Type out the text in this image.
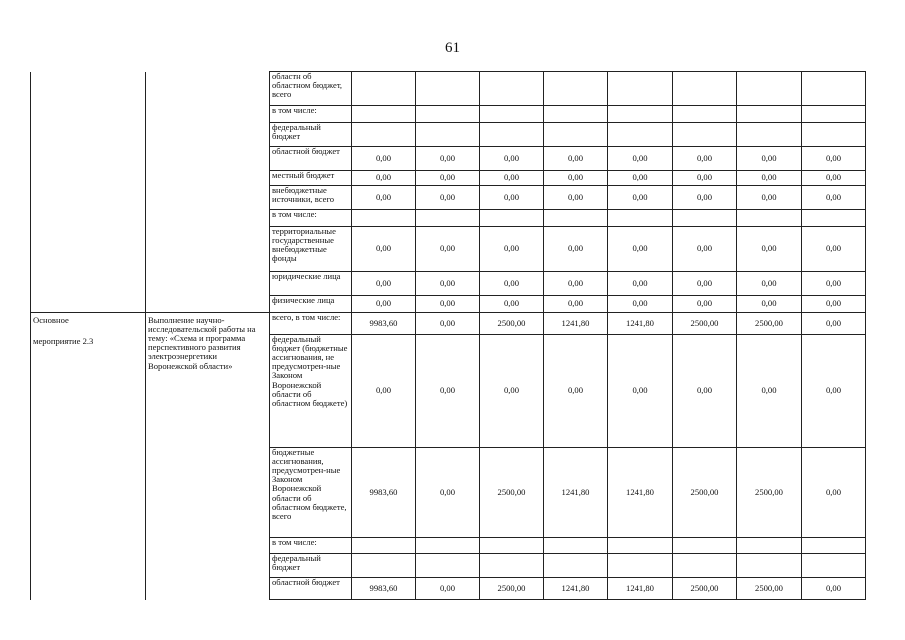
61
		областн об областном бюджет, всего								
		в том числе:								
		федеральный бюджет								
		областной бюджет	0,00	0,00	0,00	0,00	0,00	0,00	0,00	0,00
		местный бюджет	0,00	0,00	0,00	0,00	0,00	0,00	0,00	0,00
		внебюджетные источники, всего	0,00	0,00	0,00	0,00	0,00	0,00	0,00	0,00
		в том числе:								
		территориальные государственные внебюджетные фонды	0,00	0,00	0,00	0,00	0,00	0,00	0,00	0,00
		юридические лица	0,00	0,00	0,00	0,00	0,00	0,00	0,00	0,00
		физические лица	0,00	0,00	0,00	0,00	0,00	0,00	0,00	0,00

Основное
мероприятие 2.3	Выполнение научно-исследовательской работы на тему: «Схема и программа перспективного развития электроэнергетики Воронежской области»	всего, в том числе:	9983,60	0,00	2500,00	1241,80	1241,80	2500,00	2500,00	0,00
		федеральный бюджет (бюджетные ассигнования, не предусмотрен-ные Законом Воронежской области об областном бюджете)	0,00	0,00	0,00	0,00	0,00	0,00	0,00	0,00
		бюджетные ассигнования, предусмотрен-ные Законом Воронежской области об областном бюджете, всего	9983,60	0,00	2500,00	1241,80	1241,80	2500,00	2500,00	0,00
		в том числе:								
		федеральный бюджет								
		областной бюджет	9983,60	0,00	2500,00	1241,80	1241,80	2500,00	2500,00	0,00
